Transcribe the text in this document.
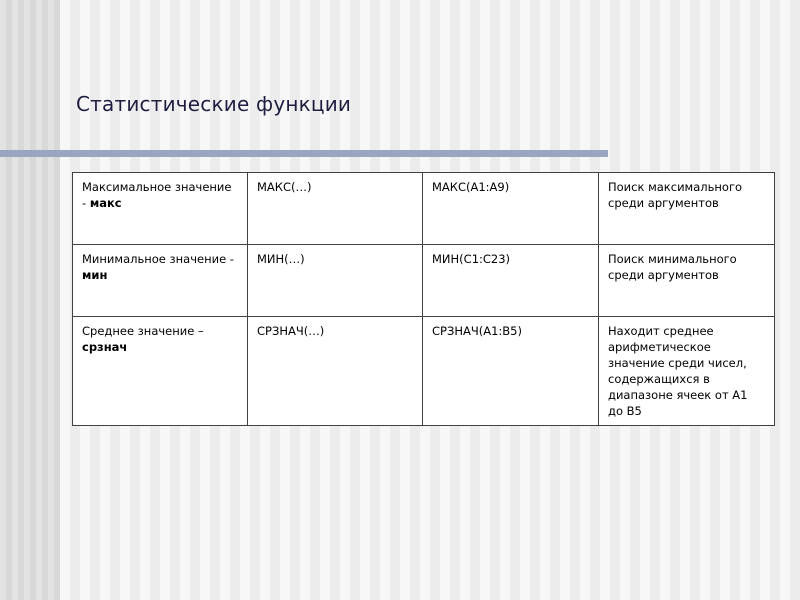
Статистические функции
Максимальное значение - макс	МАКС(…)	МАКС(А1:А9)	Поиск максимального среди аргументов
Минимальное значение - мин	МИН(…)	МИН(С1:С23)	Поиск минимального среди аргументов
Среднее значение – срзнач	СРЗНАЧ(…)	СРЗНАЧ(А1:В5)	Находит среднее арифметическое значение среди чисел, содержащихся в диапазоне ячеек от А1 до В5
